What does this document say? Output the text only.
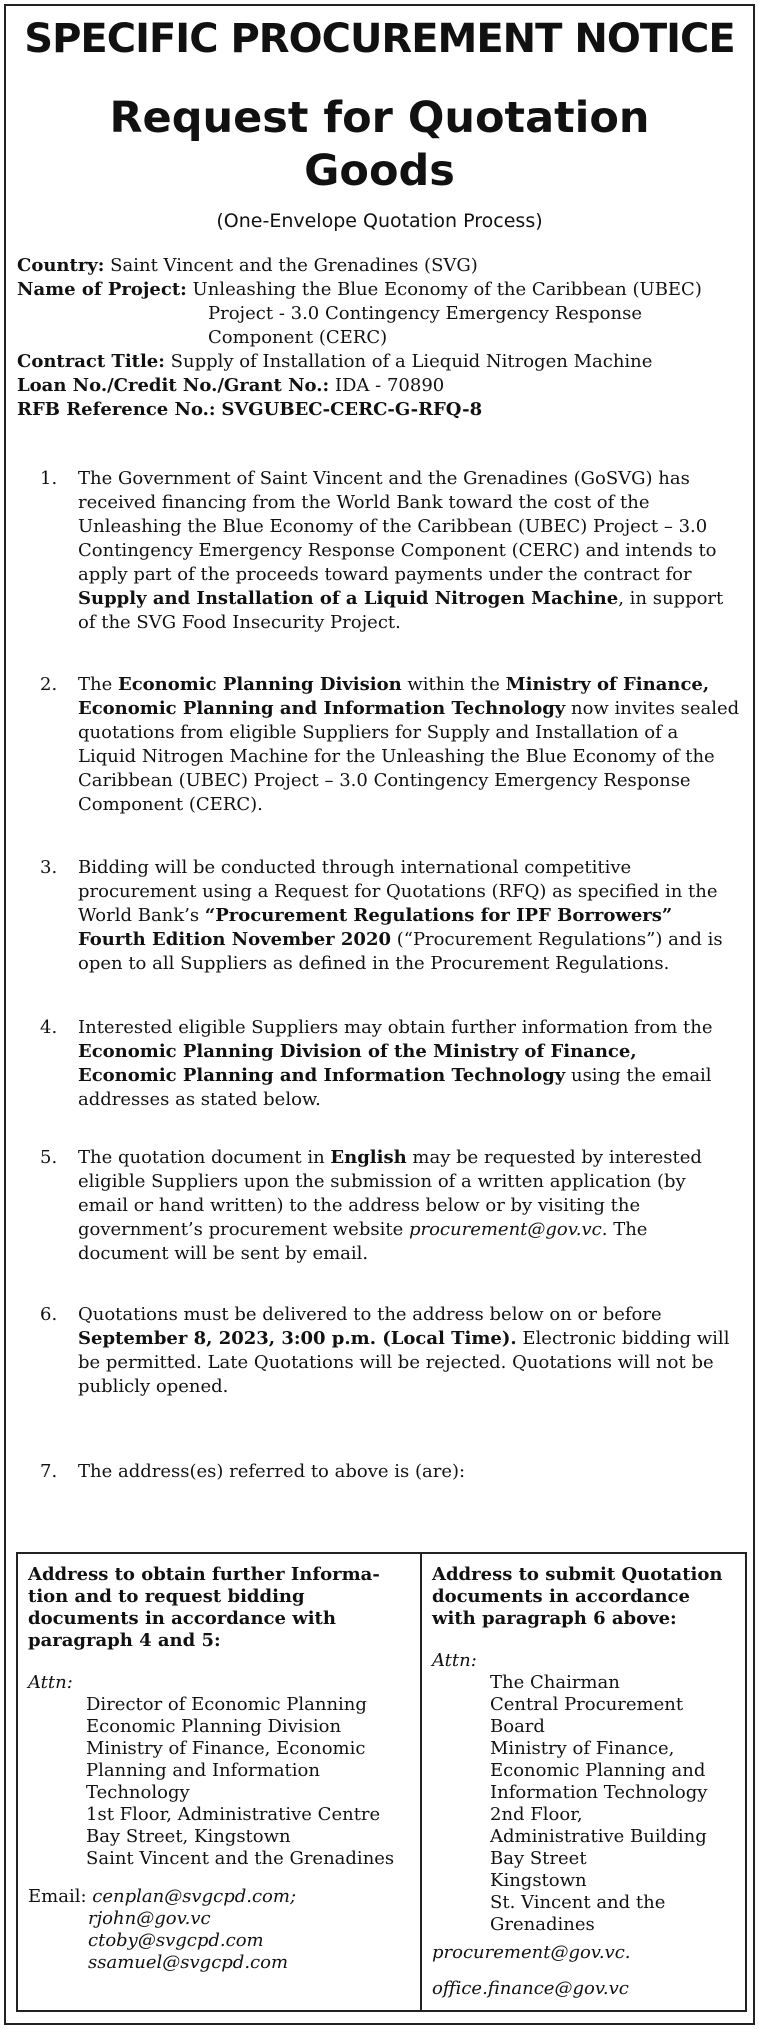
SPECIFIC PROCUREMENT NOTICE
Request for Quotation
Goods
(One-Envelope Quotation Process)
Country: Saint Vincent and the Grenadines (SVG)
Name of Project: Unleashing the Blue Economy of the Caribbean (UBEC)
Project - 3.0 Contingency Emergency Response
Component (CERC)
Contract Title: Supply of Installation of a Liequid Nitrogen Machine
Loan No./Credit No./Grant No.: IDA - 70890
RFB Reference No.: SVGUBEC-CERC-G-RFQ-8
1.	The Government of Saint Vincent and the Grenadines (GoSVG) has received financing from the World Bank toward the cost of the Unleashing the Blue Economy of the Caribbean (UBEC) Project – 3.0 Contingency Emergency Response Component (CERC) and intends to apply part of the proceeds toward payments under the contract for Supply and Installation of a Liquid Nitrogen Machine, in support of the SVG Food Insecurity Project.
2.	The Economic Planning Division within the Ministry of Finance, Economic Planning and Information Technology now invites sealed quotations from eligible Suppliers for Supply and Installation of a Liquid Nitrogen Machine for the Unleashing the Blue Economy of the Caribbean (UBEC) Project – 3.0 Contingency Emergency Response Component (CERC).
3.	Bidding will be conducted through international competitive procurement using a Request for Quotations (RFQ) as specified in the World Bank’s “Procurement Regulations for IPF Borrowers” Fourth Edition November 2020 (“Procurement Regulations”) and is open to all Suppliers as defined in the Procurement Regulations.
4.	Interested eligible Suppliers may obtain further information from the Economic Planning Division of the Ministry of Finance, Economic Planning and Information Technology using the email addresses as stated below.
5.	The quotation document in English may be requested by interested eligible Suppliers upon the submission of a written application (by email or hand written) to the address below or by visiting the government’s procurement website procurement@gov.vc. The document will be sent by email.
6.	Quotations must be delivered to the address below on or before September 8, 2023, 3:00 p.m. (Local Time). Electronic bidding will be permitted. Late Quotations will be rejected. Quotations will not be publicly opened.
7.	The address(es) referred to above is (are):
Address to obtain further Informa-tion and to request bidding documents in accordance with paragraph 4 and 5:
Attn:
Director of Economic Planning
Economic Planning Division
Ministry of Finance, Economic
Planning and Information
Technology
1st Floor, Administrative Centre
Bay Street, Kingstown
Saint Vincent and the Grenadines
Email: cenplan@svgcpd.com;
rjohn@gov.vc
ctoby@svgcpd.com
ssamuel@svgcpd.com
Address to submit Quotation documents in accordance with paragraph 6 above:
Attn:
The Chairman
Central Procurement Board
Ministry of Finance,
Economic Planning and
Information Technology
2nd Floor,
Administrative Building
Bay Street
Kingstown
St. Vincent and the
Grenadines
procurement@gov.vc.
office.finance@gov.vc
